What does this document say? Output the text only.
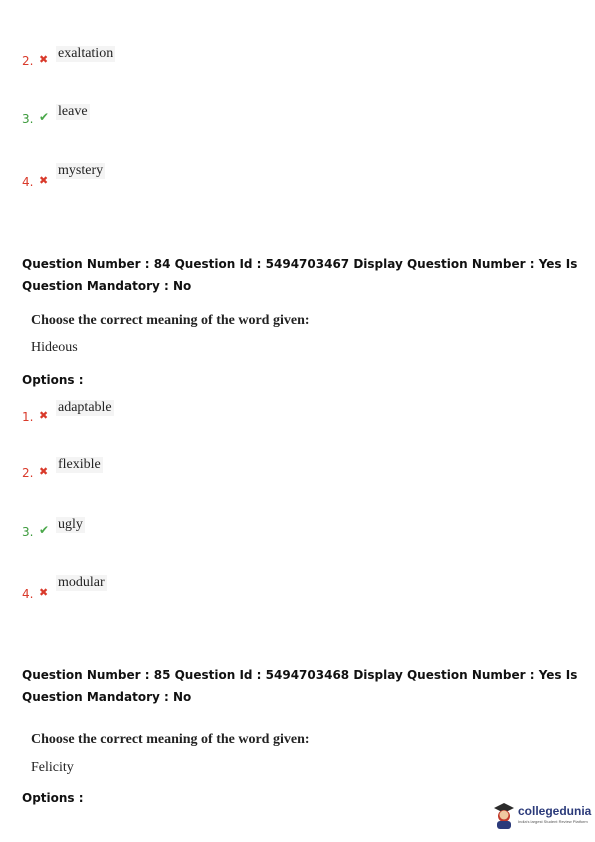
2. ✖ exaltation
3. ✔ leave
4. ✖
mystery
Question Number : 84 Question Id : 5494703467 Display Question Number : Yes Is Question Mandatory : No
Choose the correct meaning of the word given:
Hideous
Options :
1. ✖
adaptable
2. ✖ flexible
3. ✔ ugly
4. ✖
modular
Question Number : 85 Question Id : 5494703468 Display Question Number : Yes Is Question Mandatory : No
Choose the correct meaning of the word given:
Felicity
Options :
collegedunia
India's largest Student Review Platform
